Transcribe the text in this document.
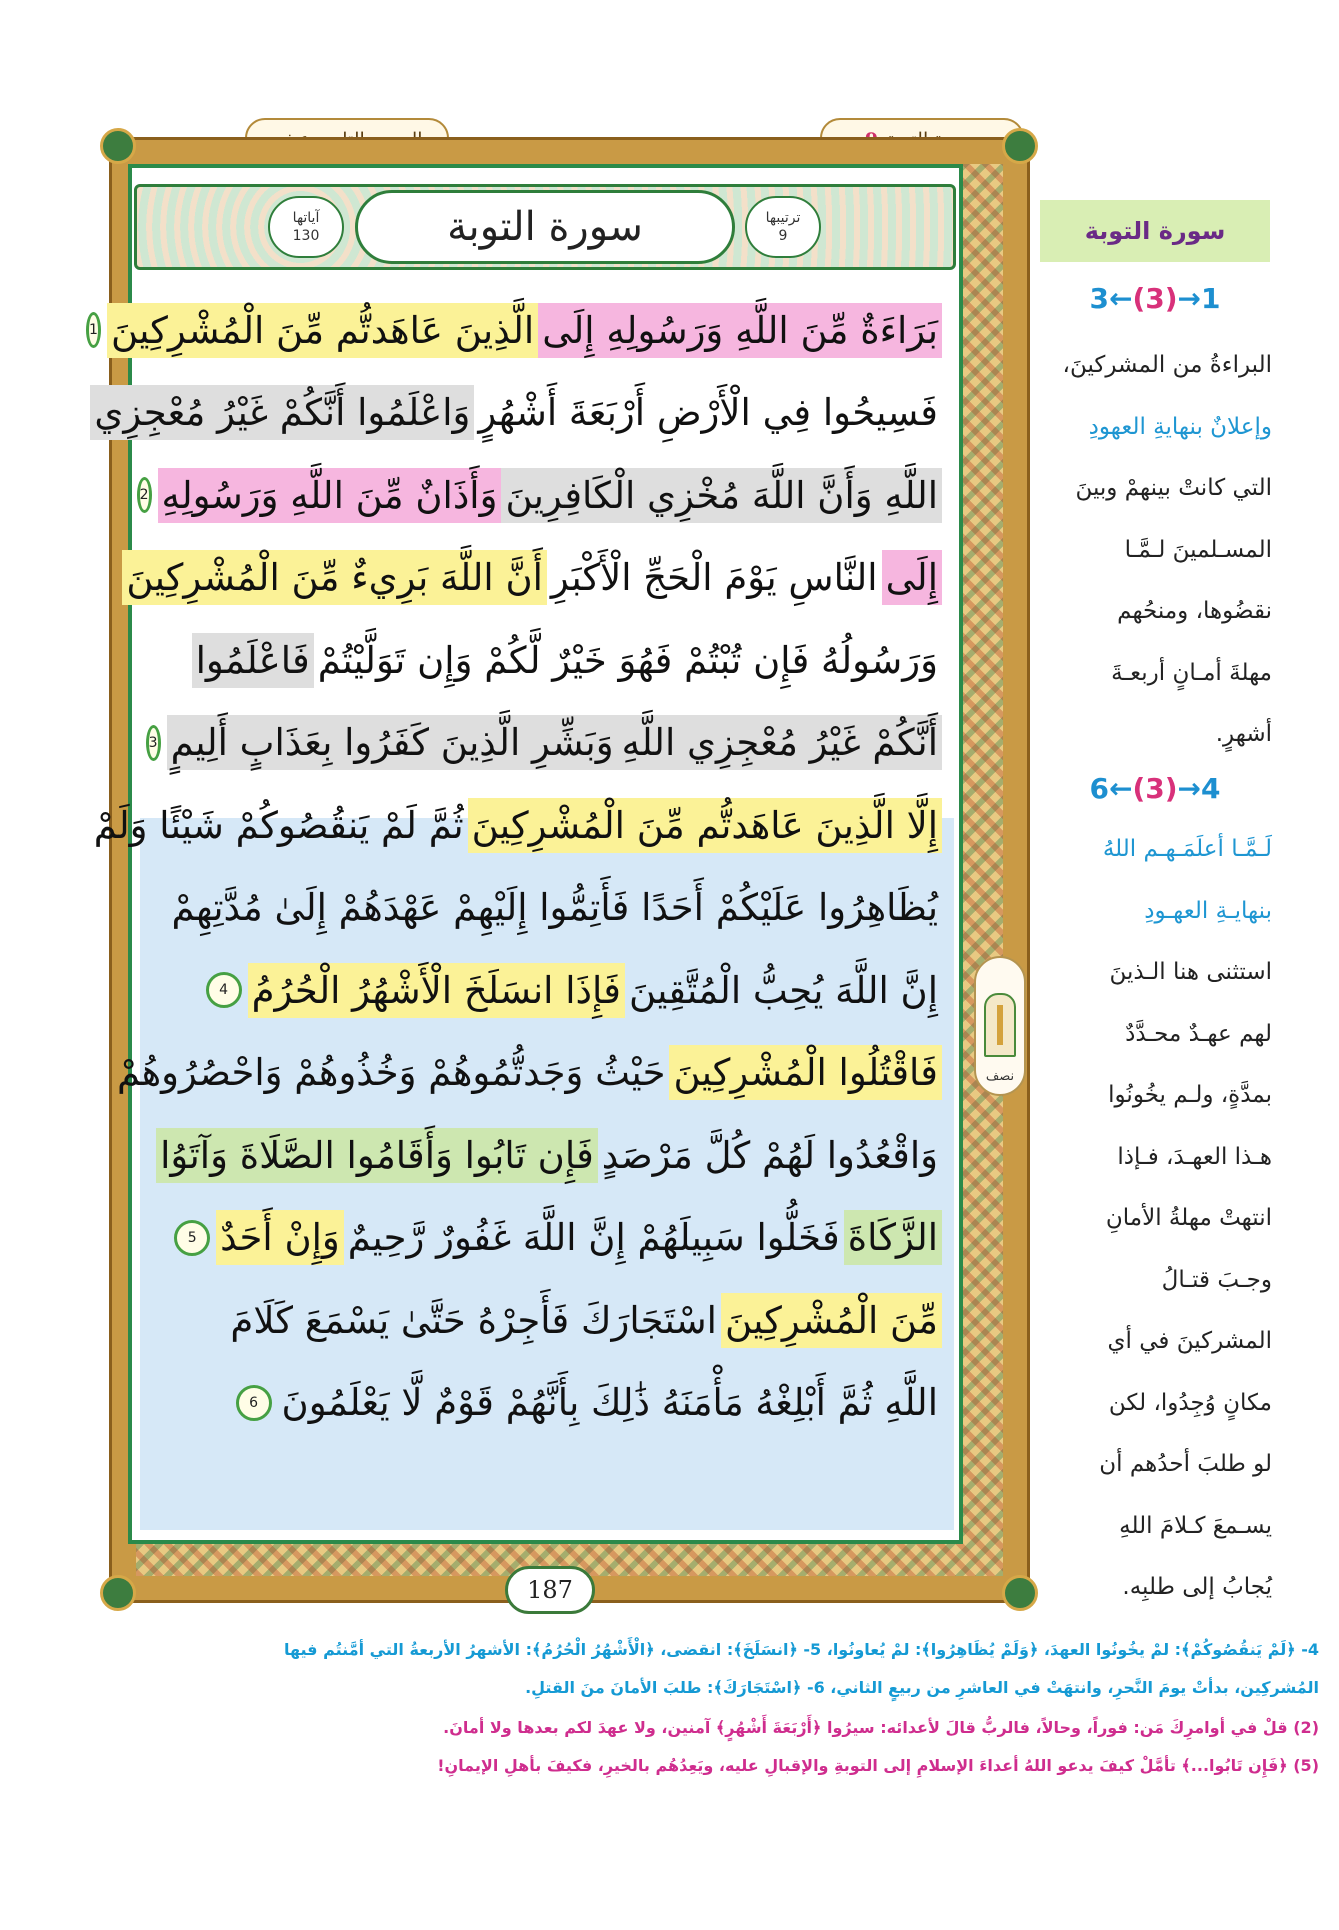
ترتيبها
9
آياتها
130	سورة التوبة
بَرَاءَةٌ مِّنَ اللَّهِ وَرَسُولِهِ إِلَى
الَّذِينَ عَاهَدتُّم مِّنَ الْمُشْرِكِينَ
1
فَسِيحُوا فِي الْأَرْضِ أَرْبَعَةَ أَشْهُرٍ
وَاعْلَمُوا أَنَّكُمْ غَيْرُ مُعْجِزِي
اللَّهِ وَأَنَّ اللَّهَ مُخْزِي الْكَافِرِينَ
وَأَذَانٌ مِّنَ اللَّهِ وَرَسُولِهِ
2
إِلَى
النَّاسِ يَوْمَ الْحَجِّ الْأَكْبَرِ
أَنَّ اللَّهَ بَرِيءٌ مِّنَ الْمُشْرِكِينَ
وَرَسُولُهُ فَإِن تُبْتُمْ فَهُوَ خَيْرٌ لَّكُمْ وَإِن تَوَلَّيْتُمْ
فَاعْلَمُوا
أَنَّكُمْ غَيْرُ مُعْجِزِي اللَّهِ
وَبَشِّرِ الَّذِينَ كَفَرُوا بِعَذَابٍ أَلِيمٍ
3
إِلَّا الَّذِينَ عَاهَدتُّم مِّنَ الْمُشْرِكِينَ
ثُمَّ لَمْ يَنقُصُوكُمْ شَيْئًا وَلَمْ
يُظَاهِرُوا عَلَيْكُمْ أَحَدًا فَأَتِمُّوا إِلَيْهِمْ عَهْدَهُمْ إِلَىٰ مُدَّتِهِمْ
إِنَّ اللَّهَ يُحِبُّ الْمُتَّقِينَ
فَإِذَا انسَلَخَ الْأَشْهُرُ الْحُرُمُ
4
فَاقْتُلُوا الْمُشْرِكِينَ
حَيْثُ وَجَدتُّمُوهُمْ وَخُذُوهُمْ وَاحْصُرُوهُمْ
وَاقْعُدُوا لَهُمْ كُلَّ مَرْصَدٍ
فَإِن تَابُوا وَأَقَامُوا الصَّلَاةَ وَآتَوُا
الزَّكَاةَ
فَخَلُّوا سَبِيلَهُمْ إِنَّ اللَّهَ غَفُورٌ رَّحِيمٌ
وَإِنْ أَحَدٌ
5
مِّنَ الْمُشْرِكِينَ
اسْتَجَارَكَ فَأَجِرْهُ حَتَّىٰ يَسْمَعَ كَلَامَ
اللَّهِ ثُمَّ أَبْلِغْهُ مَأْمَنَهُ ذَٰلِكَ بِأَنَّهُمْ قَوْمٌ لَّا يَعْلَمُونَ
6
نصف
187
سورة التوبة
3 ← (3) → 1
البراءةُ من المشركينَ،
وإعلانٌ بنهايةِ العهودِ
التي كانتْ بينهمْ وبينَ
المسـلمينَ لـمَّـا
نقضُوها، ومنحُهم
مهلةَ أمـانٍ أربعـةَ
أشهرٍ.
6 ← (3) → 4
لَـمَّـا أعلَمَـهـم اللهُ
بنهايـةِ العهـودِ
استثنى هنا الـذينَ
لهم عهـدٌ محـدَّدٌ
بمدَّةٍ، ولـم يخُونُوا
هـذا العهـدَ، فـإذا
انتهتْ مهلةُ الأمانِ
وجـبَ قتـالُ
المشركينَ في أي
مكانٍ وُجِدُوا، لكن
لو طلبَ أحدُهم أن
يسـمعَ كـلامَ اللهِ
يُجابُ إلى طلبِه.
4- ﴿لَمْ يَنقُصُوكُمْ﴾: لمْ يخُونُوا العهدَ، ﴿وَلَمْ يُظَاهِرُوا﴾: لمْ يُعاونُوا، 5- ﴿انسَلَخَ﴾: انقضى، ﴿الْأَشْهُرُ الْحُرُمُ﴾: الأشهرُ الأربعةُ التي أمَّنتُم فيها
المُشركِين، بدأتْ يومَ النَّحرِ، وانتهَتْ في العاشرِ من ربيعٍ الثاني، 6- ﴿اسْتَجَارَكَ﴾: طلبَ الأمانَ منَ القتلِ.
(2) قلْ في أوامرِكَ مَن: فوراً، وحالاً، فالربُّ قالَ لأعدائه: سيرُوا ﴿أَرْبَعَةَ أَشْهُرٍ﴾ آمنين، ولا عهدَ لكم بعدها ولا أمانَ.
(5) ﴿فَإِن تَابُوا...﴾ تأمَّلْ كيفَ يدعو اللهُ أعداءَ الإسلامِ إلى التوبةِ والإقبالِ عليه، ويَعِدُهُم بالخيرِ، فكيفَ بأهلِ الإيمانِ!
